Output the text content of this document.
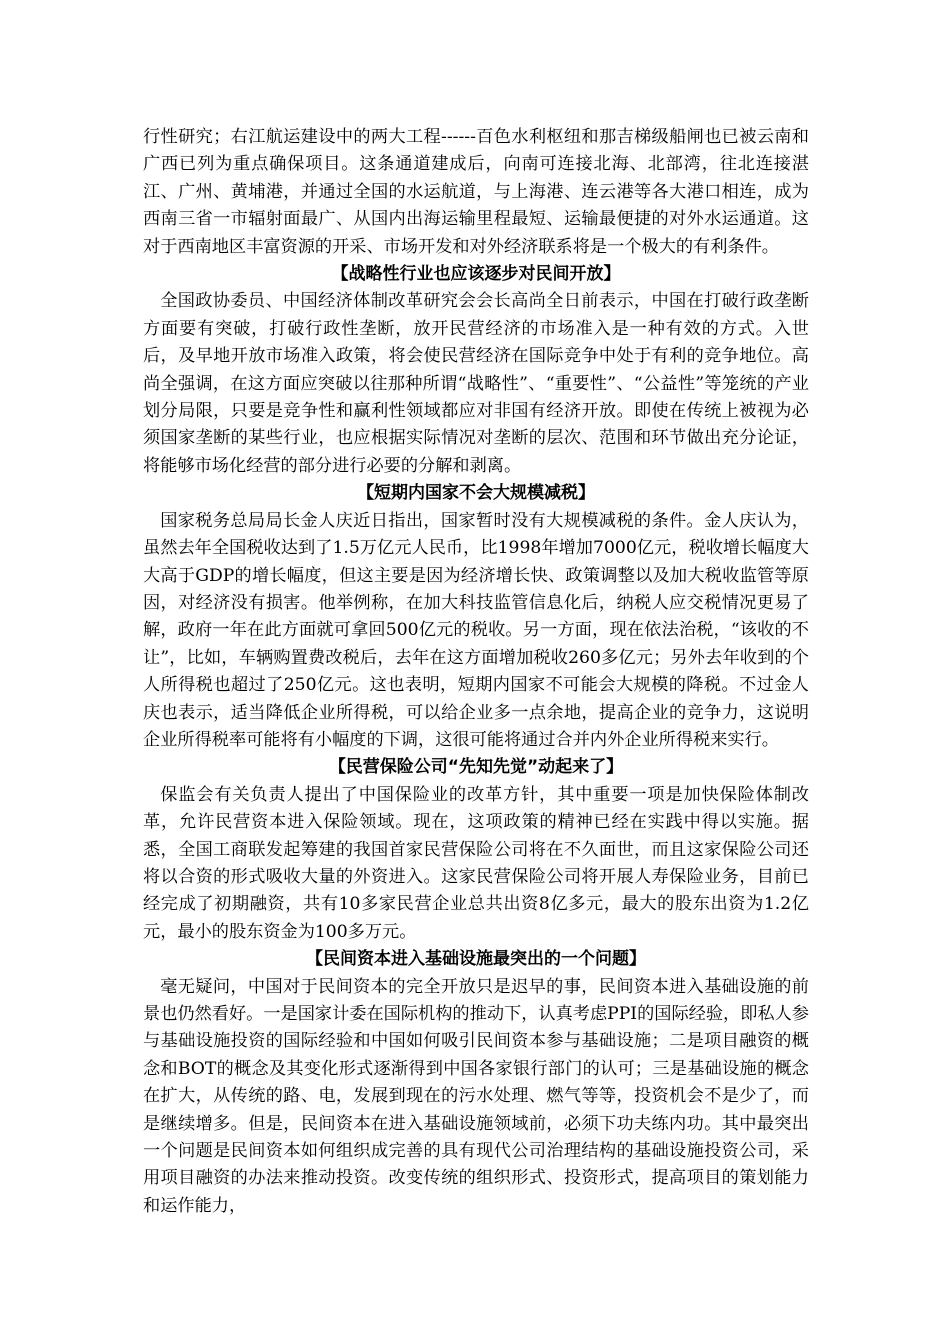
行性研究；右江航运建设中的两大工程------百色水利枢纽和那吉梯级船闸也已被云南和广西已列为重点确保项目。这条通道建成后，向南可连接北海、北部湾，往北连接湛江、广州、黄埔港，并通过全国的水运航道，与上海港、连云港等各大港口相连，成为西南三省一市辐射面最广、从国内出海运输里程最短、运输最便捷的对外水运通道。这对于西南地区丰富资源的开采、市场开发和对外经济联系将是一个极大的有利条件。

【战略性行业也应该逐步对民间开放】

全国政协委员、中国经济体制改革研究会会长高尚全日前表示，中国在打破行政垄断方面要有突破，打破行政性垄断，放开民营经济的市场准入是一种有效的方式。入世后，及早地开放市场准入政策，将会使民营经济在国际竞争中处于有利的竞争地位。高尚全强调，在这方面应突破以往那种所谓“战略性”、“重要性”、“公益性”等笼统的产业划分局限，只要是竞争性和赢利性领域都应对非国有经济开放。即使在传统上被视为必须国家垄断的某些行业，也应根据实际情况对垄断的层次、范围和环节做出充分论证，将能够市场化经营的部分进行必要的分解和剥离。

【短期内国家不会大规模减税】

国家税务总局局长金人庆近日指出，国家暂时没有大规模减税的条件。金人庆认为，虽然去年全国税收达到了1.5万亿元人民币，比1998年增加7000亿元，税收增长幅度大大高于GDP的增长幅度，但这主要是因为经济增长快、政策调整以及加大税收监管等原因，对经济没有损害。他举例称，在加大科技监管信息化后，纳税人应交税情况更易了解，政府一年在此方面就可拿回500亿元的税收。另一方面，现在依法治税，“该收的不让”，比如，车辆购置费改税后，去年在这方面增加税收260多亿元；另外去年收到的个人所得税也超过了250亿元。这也表明，短期内国家不可能会大规模的降税。不过金人庆也表示，适当降低企业所得税，可以给企业多一点余地，提高企业的竞争力，这说明企业所得税率可能将有小幅度的下调，这很可能将通过合并内外企业所得税来实行。

【民营保险公司“先知先觉”动起来了】

保监会有关负责人提出了中国保险业的改革方针，其中重要一项是加快保险体制改革，允许民营资本进入保险领域。现在，这项政策的精神已经在实践中得以实施。据悉，全国工商联发起筹建的我国首家民营保险公司将在不久面世，而且这家保险公司还将以合资的形式吸收大量的外资进入。这家民营保险公司将开展人寿保险业务，目前已经完成了初期融资，共有10多家民营企业总共出资8亿多元，最大的股东出资为1.2亿元，最小的股东资金为100多万元。

【民间资本进入基础设施最突出的一个问题】

毫无疑问，中国对于民间资本的完全开放只是迟早的事，民间资本进入基础设施的前景也仍然看好。一是国家计委在国际机构的推动下，认真考虑PPI的国际经验，即私人参与基础设施投资的国际经验和中国如何吸引民间资本参与基础设施；二是项目融资的概念和BOT的概念及其变化形式逐渐得到中国各家银行部门的认可；三是基础设施的概念在扩大，从传统的路、电，发展到现在的污水处理、燃气等等，投资机会不是少了，而是继续增多。但是，民间资本在进入基础设施领域前，必须下功夫练内功。其中最突出一个问题是民间资本如何组织成完善的具有现代公司治理结构的基础设施投资公司，采用项目融资的办法来推动投资。改变传统的组织形式、投资形式，提高项目的策划能力和运作能力，
